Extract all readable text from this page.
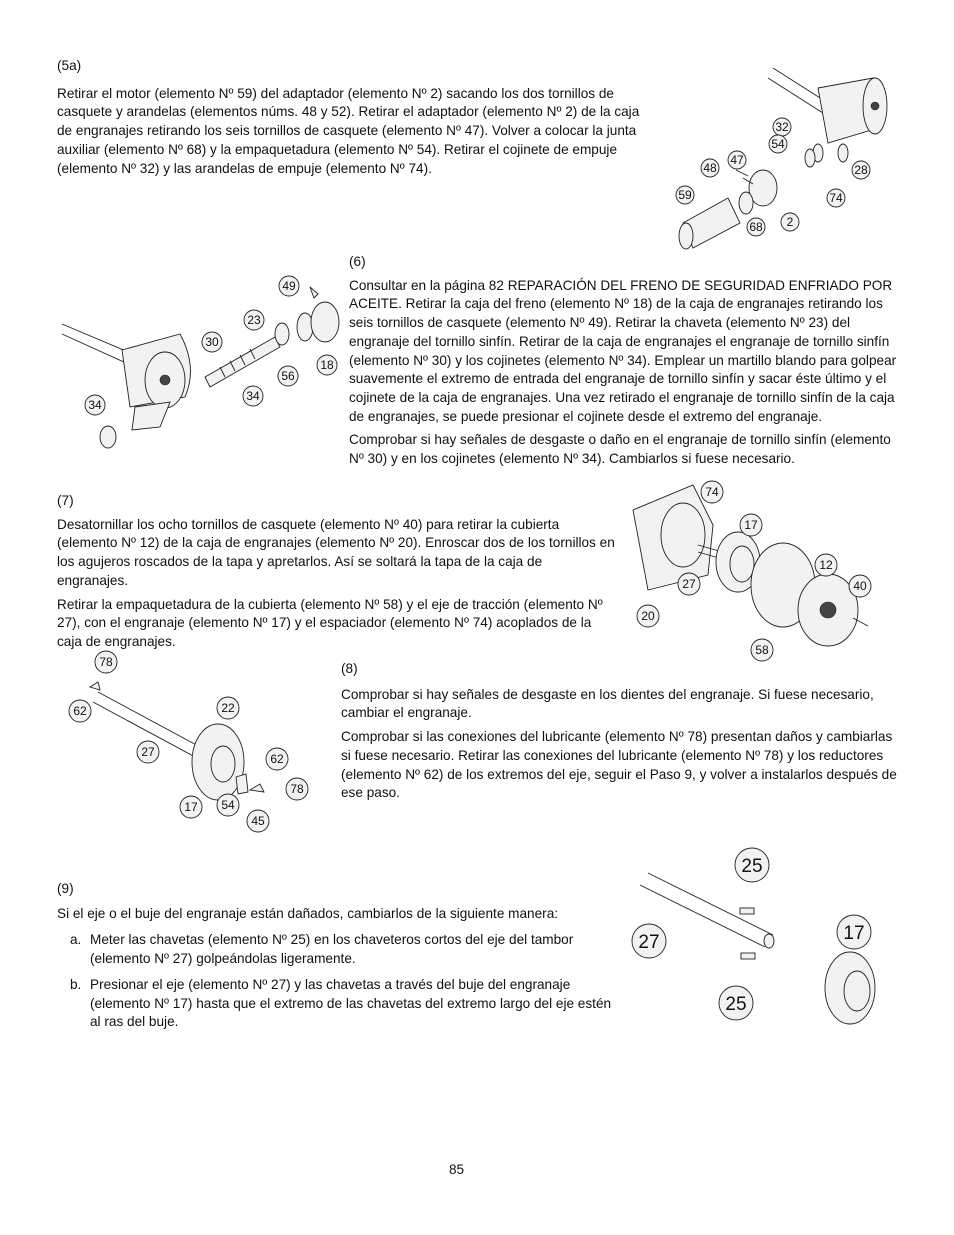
(5a)

Retirar el motor (elemento Nº 59) del adaptador (elemento Nº 2) sacando los dos tornillos de casquete y arandelas (elementos núms. 48 y 52). Retirar el adaptador (elemento Nº 2) de la caja de engranajes retirando los seis tornillos de casquete (elemento Nº 47). Volver a colocar la junta auxiliar (elemento Nº 68) y la empaquetadura (elemento Nº 54). Retirar el cojinete de empuje (elemento Nº 32) y las arandelas de empuje (elemento Nº 74).

32
54
47
48	28
59	74
68 2
49
23
30
18
56
34
34

(6)

Consultar en la página 82 REPARACIÓN DEL FRENO DE SEGURIDAD ENFRIADO POR ACEITE. Retirar la caja del freno (elemento Nº 18) de la caja de engranajes retirando los seis tornillos de casquete (elemento Nº 49). Retirar la chaveta (elemento Nº 23) del engranaje del tornillo sinfín. Retirar de la caja de engranajes el engranaje de tornillo sinfín (elemento Nº 30) y los cojinetes (elemento Nº 34). Emplear un martillo blando para golpear suavemente el extremo de entrada del engranaje de tornillo sinfín y sacar éste último y el cojinete de la caja de engranajes. Una vez retirado el engranaje de tornillo sinfín de la caja de engranajes, se puede presionar el cojinete desde el extremo del engranaje.

Comprobar si hay señales de desgaste o daño en el engranaje de tornillo sinfín (elemento Nº 30) y en los cojinetes (elemento Nº 34). Cambiarlos si fuese necesario.

(7)

Desatornillar los ocho tornillos de casquete (elemento Nº 40) para retirar la cubierta (elemento Nº 12) de la caja de engranajes (elemento Nº 20). Enroscar dos de los tornillos en los agujeros roscados de la tapa y apretarlos. Así se soltará la tapa de la caja de engranajes.

Retirar la empaquetadura de la cubierta (elemento Nº 58) y el eje de tracción (elemento Nº 27), con el engranaje (elemento Nº 17) y el espaciador (elemento Nº 74) acoplados de la caja de engranajes.

74
17
12
27	40
20
58
78
62	22
27	62
78
17 54
45

(8)

Comprobar si hay señales de desgaste en los dientes del engranaje. Si fuese necesario, cambiar el engranaje.

Comprobar si las conexiones del lubricante (elemento Nº 78) presentan daños y cambiarlas si fuese necesario. Retirar las conexiones del lubricante (elemento Nº 78) y los reductores (elemento Nº 62) de los extremos del eje, seguir el Paso 9, y volver a instalarlos después de ese paso.

(9)

Si el eje o el buje del engranaje están dañados, cambiarlos de la siguiente manera:

a. Meter las chavetas (elemento Nº 25) en los chaveteros cortos del eje del tambor (elemento Nº 27) golpeándolas ligeramente.
b. Presionar el eje (elemento Nº 27) y las chavetas a través del buje del engranaje (elemento Nº 17) hasta que el extremo de las chavetas del extremo largo del eje estén al ras del buje.
25
27	17
25
85
